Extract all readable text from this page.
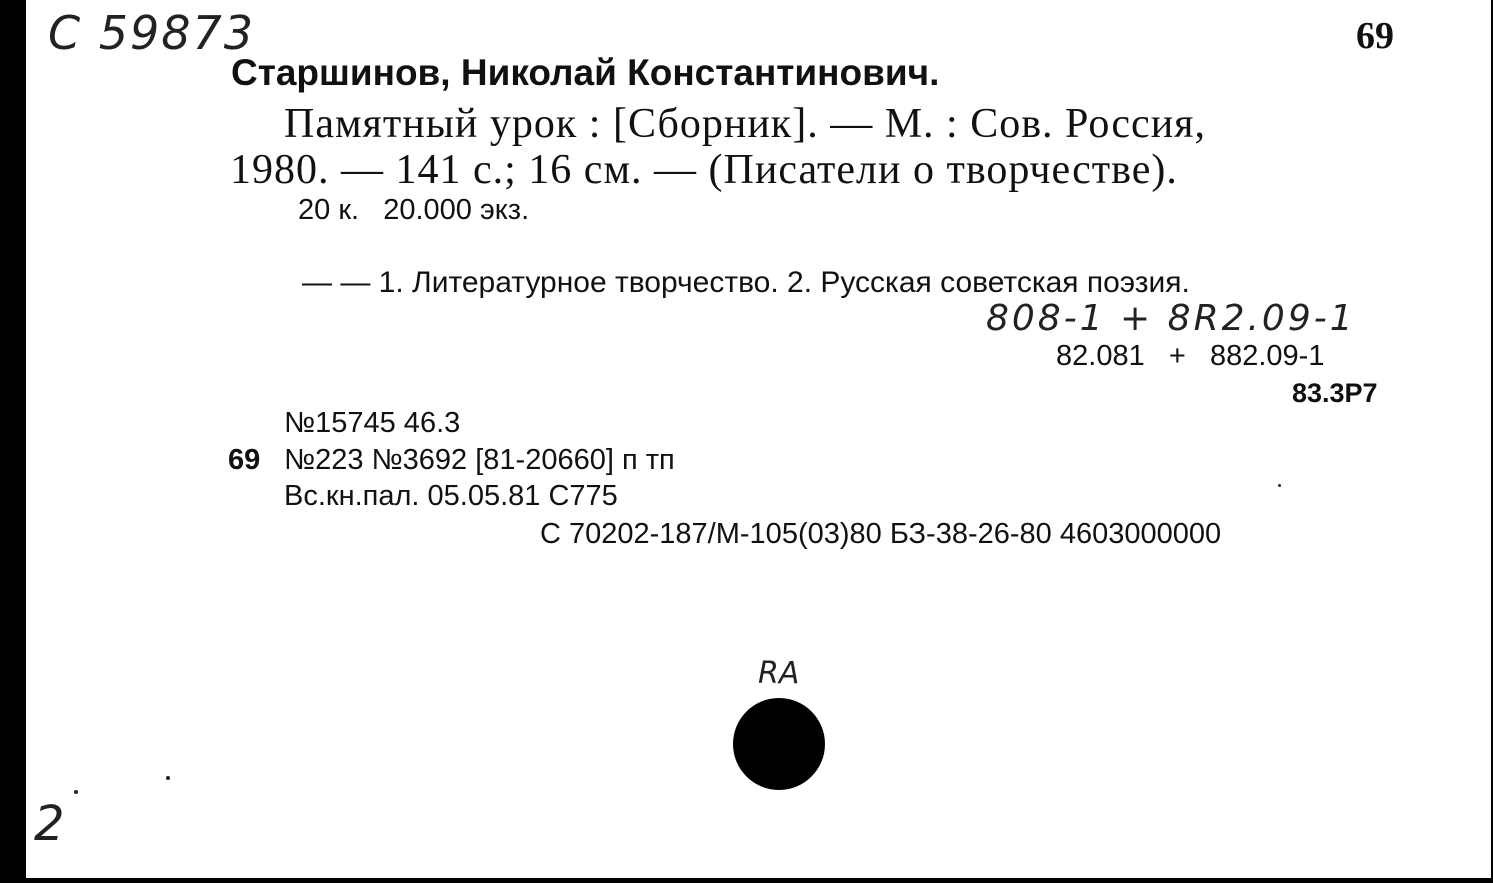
С 59873	69
Старшинов, Николай Константинович.
Памятный урок : [Сборник]. — М. : Сов. Россия,
1980. — 141 с.; 16 см. — (Писатели о творчестве).
20 к.   20.000 экз.
— — 1. Литературное творчество. 2. Русская советская поэзия.
808-1 + 8R2.09-1
82.081   +   882.09-1
83.3Р7
№15745 46.3
69 №223 №3692 [81-20660] п тп
Вс.кн.пал. 05.05.81 С775
С 70202-187/М-105(03)80 БЗ-38-26-80 4603000000
RA
2
